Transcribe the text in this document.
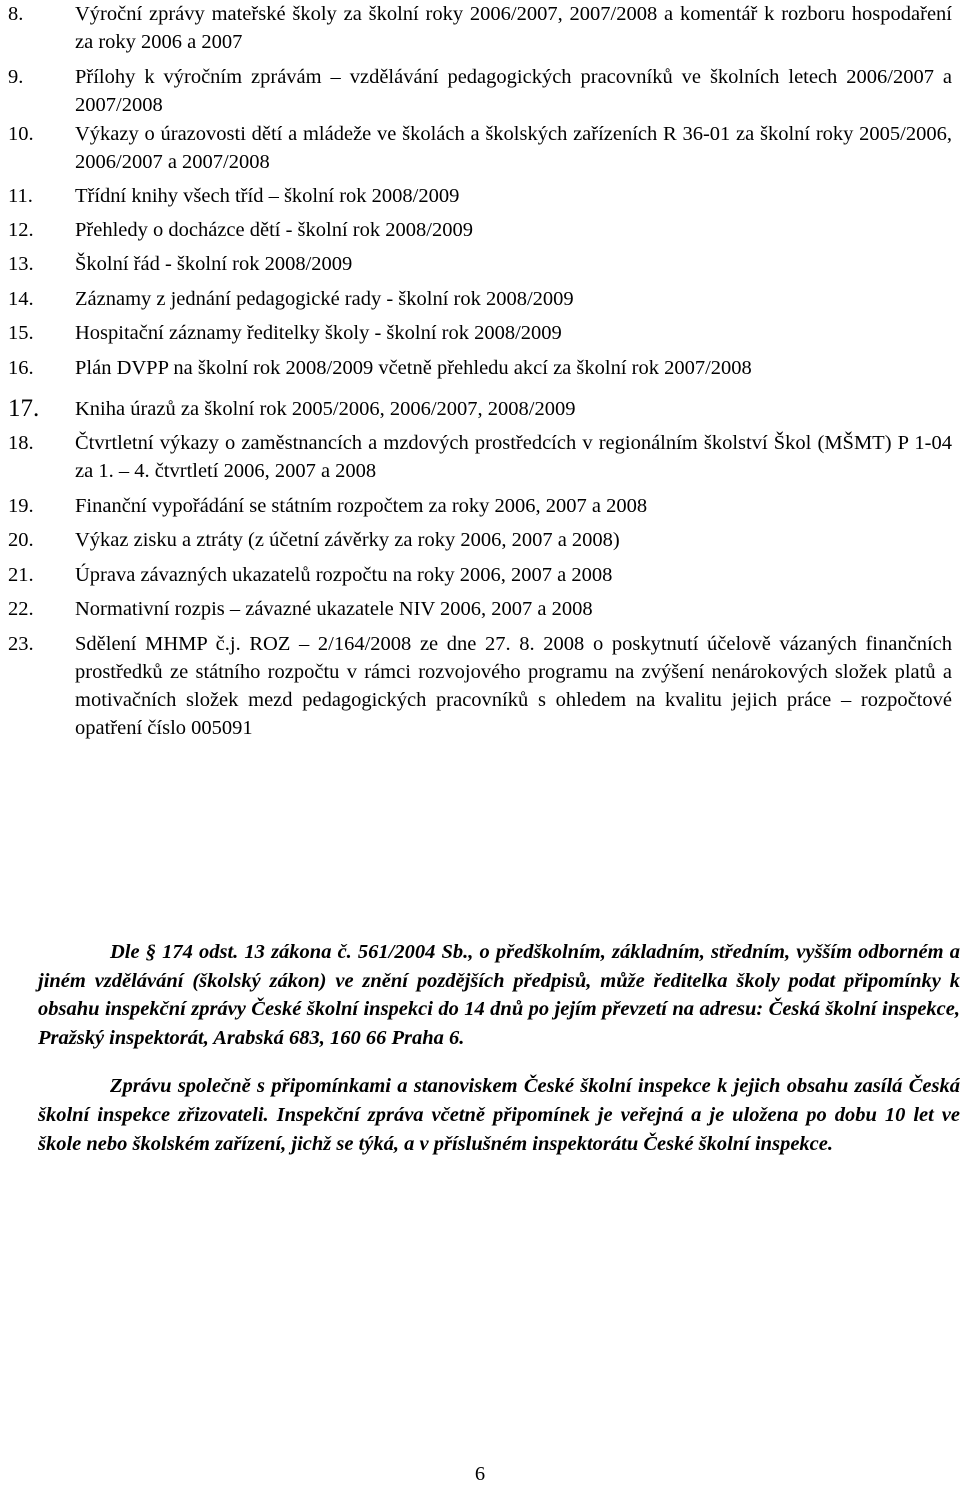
8.	Výroční zprávy mateřské školy za školní roky 2006/2007, 2007/2008 a komentář k rozboru hospodaření za roky 2006 a 2007
9.	Přílohy k výročním zprávám – vzdělávání pedagogických pracovníků ve školních letech 2006/2007 a 2007/2008
10.	Výkazy o úrazovosti dětí a mládeže ve školách a školských zařízeních R 36-01 za školní roky 2005/2006, 2006/2007 a 2007/2008
11.	Třídní knihy všech tříd – školní rok 2008/2009
12.	Přehledy o docházce dětí - školní rok 2008/2009
13.	Školní řád - školní rok 2008/2009
14.	Záznamy z jednání pedagogické rady - školní rok 2008/2009
15.	Hospitační záznamy ředitelky školy - školní rok 2008/2009
16.	Plán DVPP na školní rok 2008/2009 včetně přehledu akcí za školní rok 2007/2008
17.	Kniha úrazů za školní rok 2005/2006, 2006/2007, 2008/2009
18.	Čtvrtletní výkazy o zaměstnancích a mzdových prostředcích v regionálním školství Škol (MŠMT) P 1-04 za 1. – 4. čtvrtletí 2006, 2007 a 2008
19.	Finanční vypořádání se státním rozpočtem za roky 2006, 2007 a 2008
20.	Výkaz zisku a ztráty (z účetní závěrky za roky 2006, 2007 a 2008)
21.	Úprava závazných ukazatelů rozpočtu na roky 2006, 2007 a 2008
22.	Normativní rozpis – závazné ukazatele NIV 2006, 2007 a 2008
23.	Sdělení MHMP č.j. ROZ – 2/164/2008 ze dne 27. 8. 2008 o poskytnutí účelově vázaných finančních prostředků ze státního rozpočtu v rámci rozvojového programu na zvýšení nenárokových složek platů a motivačních složek mezd pedagogických pracovníků s ohledem na kvalitu jejich práce – rozpočtové opatření číslo 005091

Dle § 174 odst. 13 zákona č. 561/2004 Sb., o předškolním, základním, středním, vyšším odborném a jiném vzdělávání (školský zákon) ve znění pozdějších předpisů, může ředitelka školy podat připomínky k obsahu inspekční zprávy České školní inspekci do 14 dnů po jejím převzetí na adresu: Česká školní inspekce, Pražský inspektorát, Arabská 683, 160 66 Praha 6.

Zprávu společně s připomínkami a stanoviskem České školní inspekce k jejich obsahu zasílá Česká školní inspekce zřizovateli. Inspekční zpráva včetně připomínek je veřejná a je uložena po dobu 10 let ve škole nebo školském zařízení, jichž se týká, a v příslušném inspektorátu České školní inspekce.

6
